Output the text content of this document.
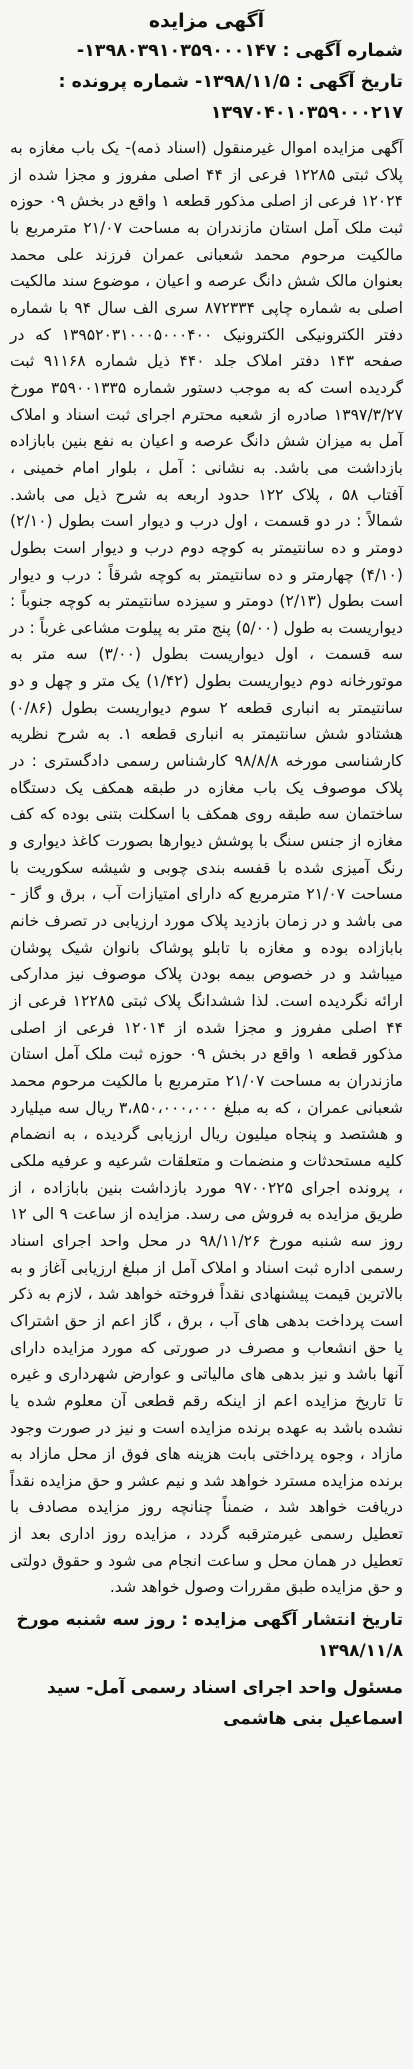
آگهی مزایده
شماره آگهی : ۱۳۹۸۰۳۹۱۰۳۵۹۰۰۰۱۴۷-
تاریخ آگهی : ۱۳۹۸/۱۱/۵- شماره پرونده :
۱۳۹۷۰۴۰۱۰۳۵۹۰۰۰۲۱۷
آگهی مزایده اموال غیرمنقول (اسناد ذمه)- یک باب مغازه به پلاک ثبتی ۱۲۲۸۵ فرعی از ۴۴ اصلی مفروز و مجزا شده از ۱۲۰۲۴ فرعی از اصلی مذکور قطعه ۱ واقع در بخش ۰۹ حوزه ثبت ملک آمل استان مازندران به مساحت ۲۱/۰۷ مترمربع با مالکیت مرحوم محمد شعبانی عمران فرزند علی محمد بعنوان مالک شش دانگ عرصه و اعیان ، موضوع سند مالکیت اصلی به شماره چاپی ۸۷۲۳۳۴ سری الف سال ۹۴ با شماره دفتر الکترونیکی الکترونیک ۱۳۹۵۲۰۳۱۰۰۰۵۰۰۰۴۰۰ که در صفحه ۱۴۳ دفتر املاک جلد ۴۴۰ ذیل شماره ۹۱۱۶۸ ثبت گردیده است که به موجب دستور شماره ۳۵۹۰۰۱۳۳۵ مورخ ۱۳۹۷/۳/۲۷ صادره از شعبه محترم اجرای ثبت اسناد و املاک آمل به میزان شش دانگ عرصه و اعیان به نفع بنین بابازاده بازداشت می باشد. به نشانی : آمل ، بلوار امام خمینی ، آفتاب ۵۸ ، پلاک ۱۲۲ حدود اربعه به شرح ذیل می باشد. شمالاً : در دو قسمت ، اول درب و دیوار است بطول (۲/۱۰) دومتر و ده سانتیمتر به کوچه دوم درب و دیوار است بطول (۴/۱۰) چهارمتر و ده سانتیمتر به کوچه شرقاً : درب و دیوار است بطول (۲/۱۳) دومتر و سیزده سانتیمتر به کوچه جنوباً : دیواریست به طول (۵/۰۰) پنج متر به پیلوت مشاعی غرباً : در سه قسمت ، اول دیواریست بطول (۳/۰۰) سه متر به موتورخانه دوم دیواریست بطول (۱/۴۲) یک متر و چهل و دو سانتیمتر به انباری قطعه ۲ سوم دیواریست بطول (۰/۸۶) هشتادو شش سانتیمتر به انباری قطعه ۱. به شرح نظریه کارشناسی مورخه ۹۸/۸/۸ کارشناس رسمی دادگستری : در پلاک موصوف یک باب مغازه در طبقه همکف یک دستگاه ساختمان سه طبقه روی همکف با اسکلت بتنی بوده که کف مغازه از جنس سنگ با پوشش دیوارها بصورت کاغذ دیواری و رنگ آمیزی شده با قفسه بندی چوبی و شیشه سکوریت با مساحت ۲۱/۰۷ مترمربع که دارای امتیازات آب ، برق و گاز - می باشد و در زمان بازدید پلاک مورد ارزیابی در تصرف خانم بابازاده بوده و مغازه با تابلو پوشاک بانوان شیک پوشان میباشد و در خصوص بیمه بودن پلاک موصوف نیز مدارکی ارائه نگردیده است. لذا ششدانگ پلاک ثبتی ۱۲۲۸۵ فرعی از ۴۴ اصلی مفروز و مجزا شده از ۱۲۰۱۴ فرعی از اصلی مذکور قطعه ۱ واقع در بخش ۰۹ حوزه ثبت ملک آمل استان مازندران به مساحت ۲۱/۰۷ مترمربع با مالکیت مرحوم محمد شعبانی عمران ، که به مبلغ ۳،۸۵۰،۰۰۰،۰۰۰ ریال سه میلیارد و هشتصد و پنجاه میلیون ریال ارزیابی گردیده ، به انضمام کلیه مستحدثات و منضمات و متعلقات شرعیه و عرفیه ملکی ، پرونده اجرای ۹۷۰۰۲۲۵ مورد بازداشت بنین بابازاده ، از طریق مزایده به فروش می رسد. مزایده از ساعت ۹ الی ۱۲ روز سه شنبه مورخ ۹۸/۱۱/۲۶ در محل واحد اجرای اسناد رسمی اداره ثبت اسناد و املاک آمل از مبلغ ارزیابی آغاز و به بالاترین قیمت پیشنهادی نقداً فروخته خواهد شد ، لازم به ذکر است پرداخت بدهی های آب ، برق ، گاز اعم از حق اشتراک یا حق انشعاب و مصرف در صورتی که مورد مزایده دارای آنها باشد و نیز بدهی های مالیاتی و عوارض شهرداری و غیره تا تاریخ مزایده اعم از اینکه رقم قطعی آن معلوم شده یا نشده باشد به عهده برنده مزایده است و نیز در صورت وجود مازاد ، وجوه پرداختی بابت هزینه های فوق از محل مازاد به برنده مزایده مسترد خواهد شد و نیم عشر و حق مزایده نقداً دریافت خواهد شد ، ضمناً چنانچه روز مزایده مصادف با تعطیل رسمی غیرمترقبه گردد ، مزایده روز اداری بعد از تعطیل در همان محل و ساعت انجام می شود و حقوق دولتی و حق مزایده طبق مقررات وصول خواهد شد.
تاریخ انتشار آگهی مزایده : روز سه شنبه مورخ ۱۳۹۸/۱۱/۸
مسئول واحد اجرای اسناد رسمی آمل- سید اسماعیل بنی هاشمی
